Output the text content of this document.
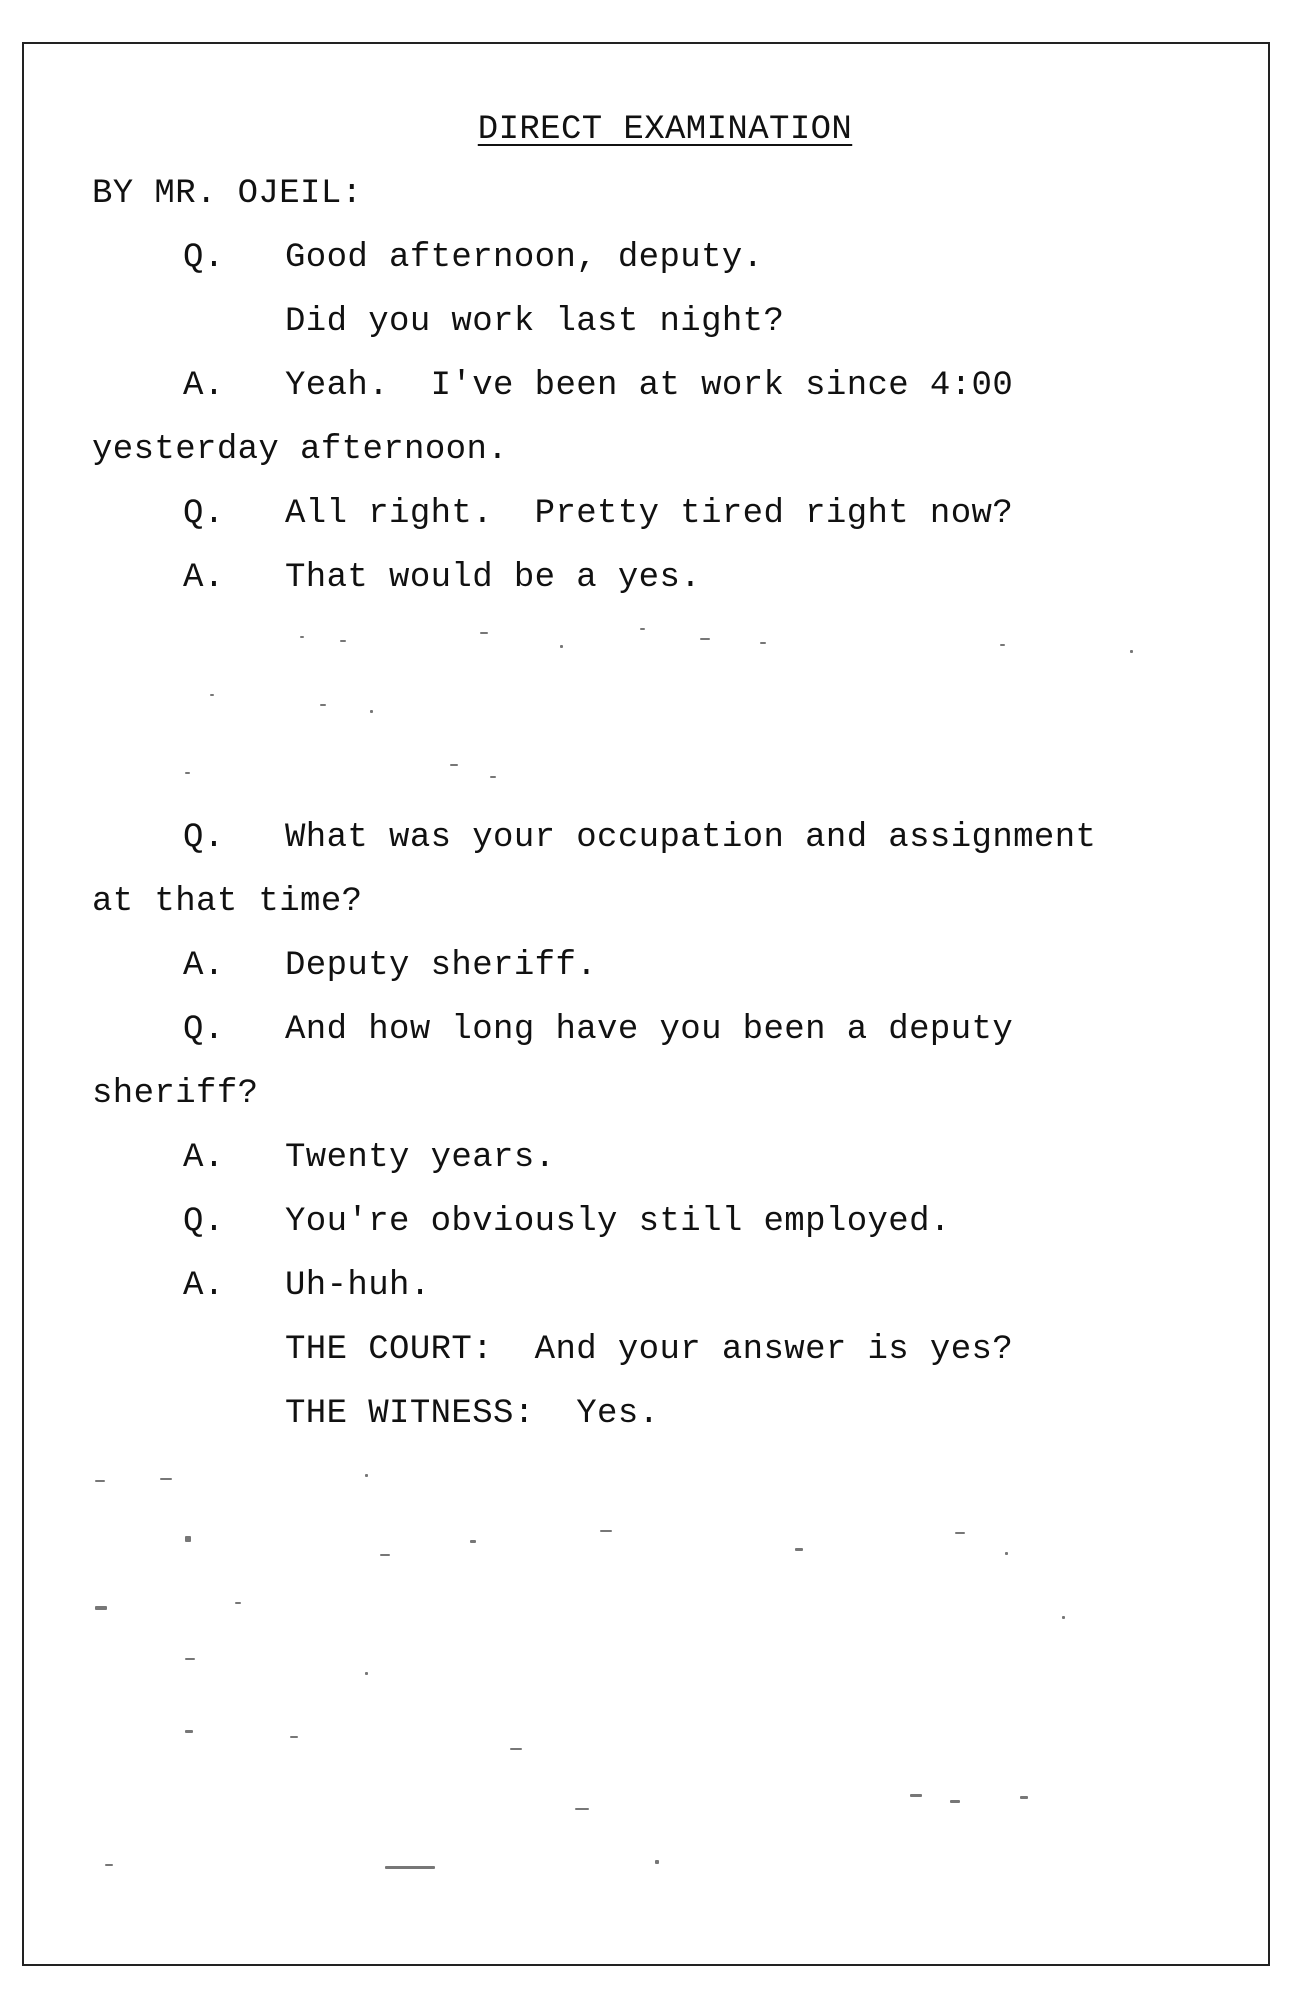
DIRECT EXAMINATION
BY MR. OJEIL:
Q. Good afternoon, deputy.
Did you work last night?
A. Yeah.  I've been at work since 4:00
yesterday afternoon.
Q. All right.  Pretty tired right now?
A. That would be a yes.
Q. What was your occupation and assignment
at that time?
A. Deputy sheriff.
Q. And how long have you been a deputy
sheriff?
A. Twenty years.
Q. You're obviously still employed.
A. Uh-huh.
THE COURT:  And your answer is yes?
THE WITNESS:  Yes.
